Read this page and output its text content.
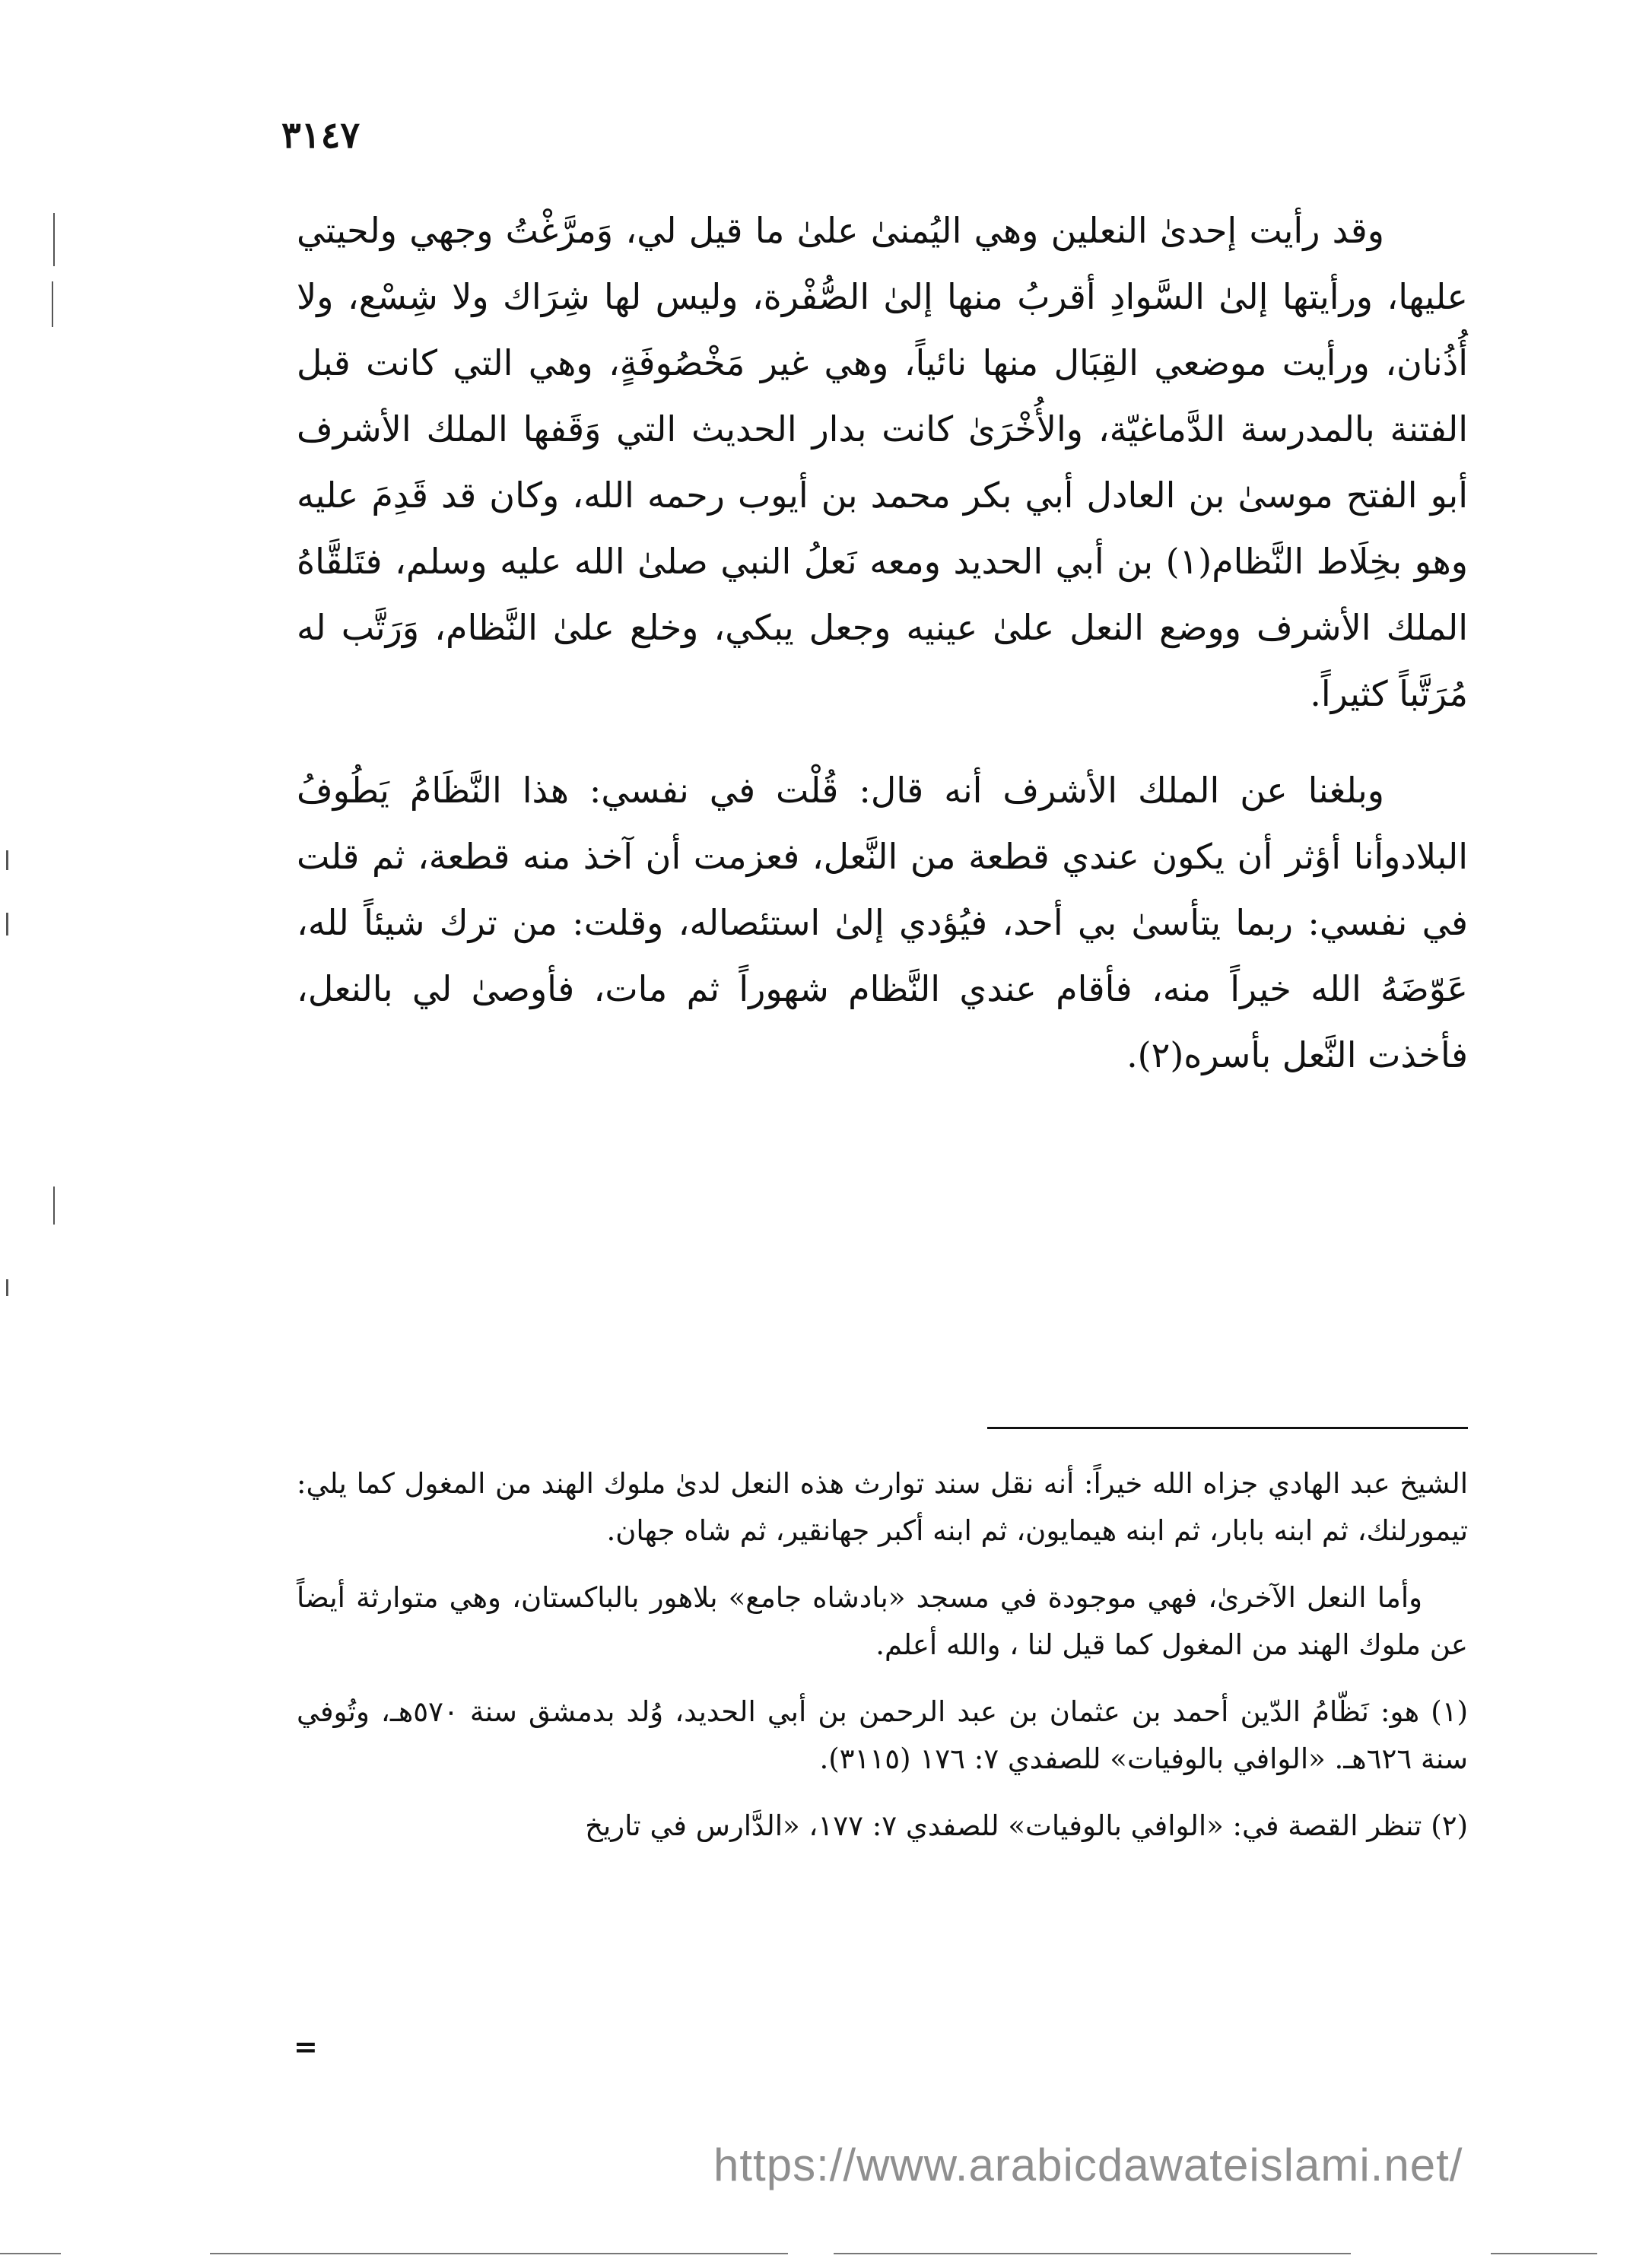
٣١٤٧

وقد رأيت إحدىٰ النعلين وهي اليُمنىٰ علىٰ ما قيل لي، وَمرَّغْتُ وجهي ولحيتي عليها، ورأيتها إلىٰ السَّوادِ أقربُ منها إلىٰ الصُّفْرة، وليس لها شِرَاك ولا شِسْع، ولا أُذُنان، ورأيت موضعي القِبَال منها نائياً، وهي غير مَخْصُوفَةٍ، وهي التي كانت قبل الفتنة بالمدرسة الدَّماغيّة، والأُخْرَىٰ كانت بدار الحديث التي وَقَفها الملك الأشرف أبو الفتح موسىٰ بن العادل أبي بكر محمد بن أيوب رحمه الله، وكان قد قَدِمَ عليه وهو بخِلَاط النَّظام(١) بن أبي الحديد ومعه نَعلُ النبي صلىٰ الله عليه وسلم، فتَلقَّاهُ الملك الأشرف ووضع النعل علىٰ عينيه وجعل يبكي، وخلع علىٰ النَّظام، وَرَتَّب له مُرَتَّباً كثيراً.

وبلغنا عن الملك الأشرف أنه قال: قُلْت في نفسي: هذا النَّظَامُ يَطُوفُ البلادوأنا أؤثر أن يكون عندي قطعة من النَّعل، فعزمت أن آخذ منه قطعة، ثم قلت في نفسي: ربما يتأسىٰ بي أحد، فيُؤدي إلىٰ استئصاله، وقلت: من ترك شيئاً لله، عَوّضَهُ الله خيراً منه، فأقام عندي النَّظام شهوراً ثم مات، فأوصىٰ لي بالنعل، فأخذت النَّعل بأسره(٢).

الشيخ عبد الهادي جزاه الله خيراً: أنه نقل سند توارث هذه النعل لدىٰ ملوك الهند من المغول كما يلي: تيمورلنك، ثم ابنه بابار، ثم ابنه هيمايون، ثم ابنه أكبر جهانقير، ثم شاه جهان.

وأما النعل الآخرىٰ، فهي موجودة في مسجد «بادشاه جامع» بلاهور بالباكستان، وهي متوارثة أيضاً عن ملوك الهند من المغول كما قيل لنا ، والله أعلم.

(١) هو: نَظّامُ الدّين أحمد بن عثمان بن عبد الرحمن بن أبي الحديد، وُلد بدمشق سنة ٥٧٠هـ، وتُوفي سنة ٦٢٦هـ. «الوافي بالوفيات» للصفدي ٧: ١٧٦ (٣١١٥).

(٢) تنظر القصة في: «الوافي بالوفيات» للصفدي ٧: ١٧٧، «الدَّارس في تاريخ

=
https://www.arabicdawateislami.net/
